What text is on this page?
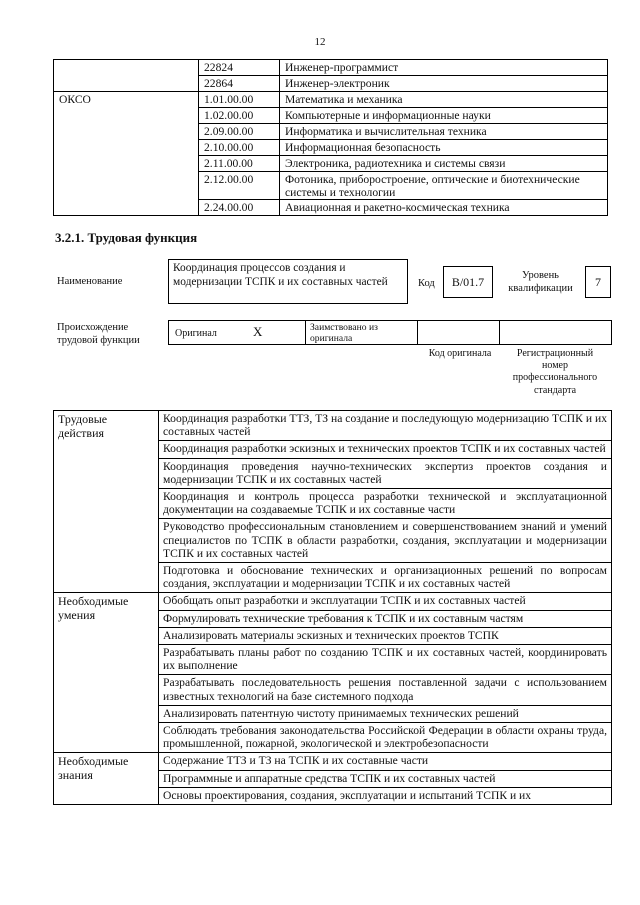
12
	22824	Инженер-программист
	22864	Инженер-электроник
ОКСО	1.01.00.00	Математика и механика
	1.02.00.00	Компьютерные и информационные науки
	2.09.00.00	Информатика и вычислительная техника
	2.10.00.00	Информационная безопасность
	2.11.00.00	Электроника, радиотехника и системы связи
	2.12.00.00	Фотоника, приборостроение, оптические и биотехнические системы и технологии
	2.24.00.00	Авиационная и ракетно-космическая техника
3.2.1. Трудовая функция
Наименование
Координация процессов создания и модернизации ТСПК и их составных частей	Код	B/01.7	Уровень квалификации	7
Происхождение трудовой функции
Оригинал	X	Заимствовано из оригинала
Код оригинала	Регистрационный номер профессионального стандарта
Трудовые действия	Координация разработки ТТЗ, ТЗ на создание и последующую модернизацию ТСПК и их составных частей
	Координация разработки эскизных и технических проектов ТСПК и их составных частей
	Координация проведения научно-технических экспертиз проектов создания и модернизации ТСПК и их составных частей
	Координация и контроль процесса разработки технической и эксплуатационной документации на создаваемые ТСПК и их составные части
	Руководство профессиональным становлением и совершенствованием знаний и умений специалистов по ТСПК в области разработки, создания, эксплуатации и модернизации ТСПК и их составных частей
	Подготовка и обоснование технических и организационных решений по вопросам создания, эксплуатации и модернизации ТСПК и их составных частей
Необходимые умения	Обобщать опыт разработки и эксплуатации ТСПК и их составных частей
	Формулировать технические требования к ТСПК и их составным частям
	Анализировать материалы эскизных и технических проектов ТСПК
	Разрабатывать планы работ по созданию ТСПК и их составных частей, координировать их выполнение
	Разрабатывать последовательность решения поставленной задачи с использованием известных технологий на базе системного подхода
	Анализировать патентную чистоту принимаемых технических решений
	Соблюдать требования законодательства Российской Федерации в области охраны труда, промышленной, пожарной, экологической и электробезопасности
Необходимые знания	Содержание ТТЗ и ТЗ на ТСПК и их составные части
	Программные и аппаратные средства ТСПК и их составных частей
	Основы проектирования, создания, эксплуатации и испытаний ТСПК и их
